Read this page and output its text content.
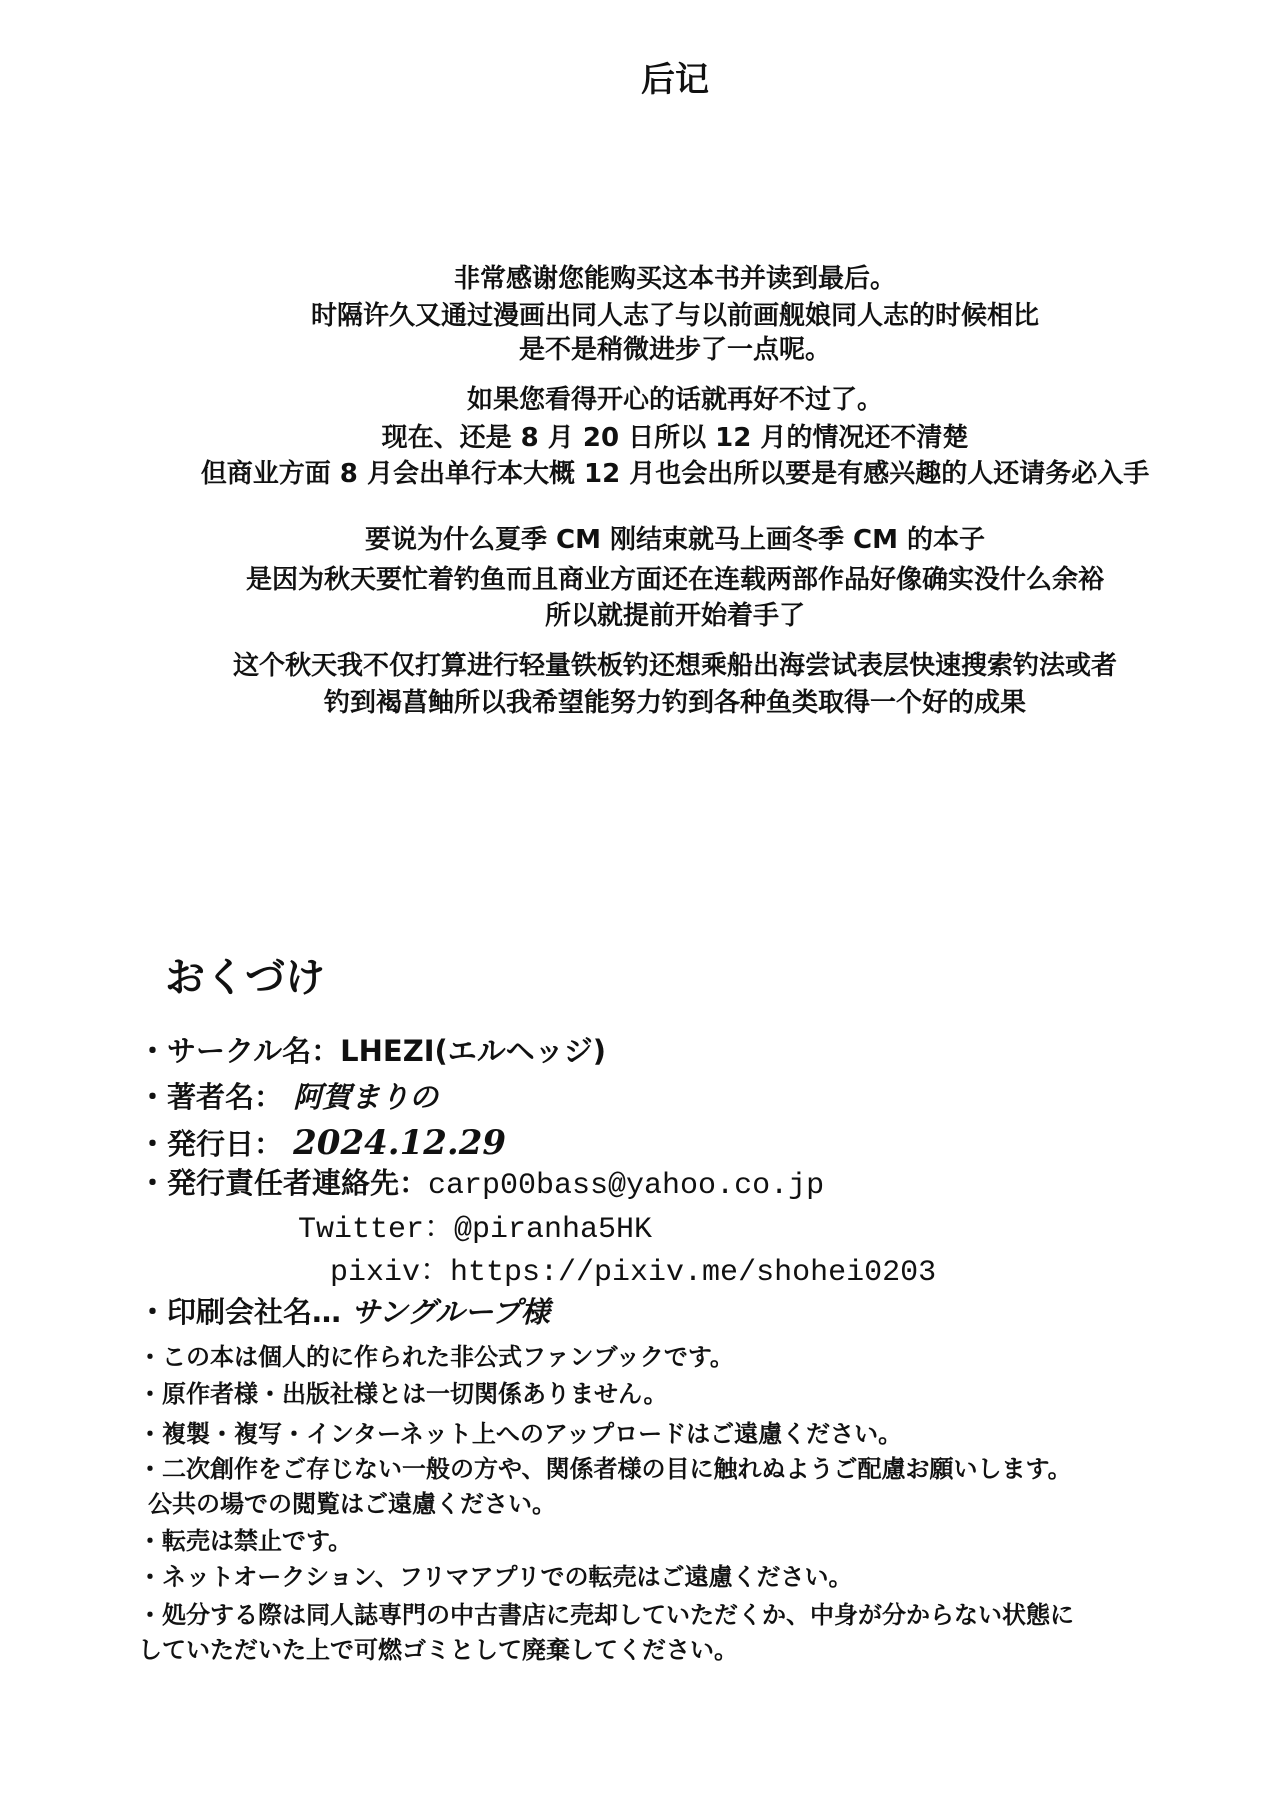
后记
非常感谢您能购买这本书并读到最后。
时隔许久又通过漫画出同人志了与以前画舰娘同人志的时候相比
是不是稍微进步了一点呢。
如果您看得开心的话就再好不过了。
现在、还是 8 月 20 日所以 12 月的情况还不清楚
但商业方面 8 月会出单行本大概 12 月也会出所以要是有感兴趣的人还请务必入手
要说为什么夏季 CM 刚结束就马上画冬季 CM 的本子
是因为秋天要忙着钓鱼而且商业方面还在连载两部作品好像确实没什么余裕
所以就提前开始着手了
这个秋天我不仅打算进行轻量铁板钓还想乘船出海尝试表层快速搜索钓法或者
钓到褐菖鲉所以我希望能努力钓到各种鱼类取得一个好的成果
おくづけ
・サークル名：LHEZI(エルヘッジ)
・著者名： 阿賀まりの
・発行日： 2024.12.29
・発行責任者連絡先：carp00bass@yahoo.co.jp
Twitter：@piranha5HK
pixiv：https://pixiv.me/shohei0203
・印刷会社名… サングループ様
・この本は個人的に作られた非公式ファンブックです。
・原作者様・出版社様とは一切関係ありません。
・複製・複写・インターネット上へのアップロードはご遠慮ください。
・二次創作をご存じない一般の方や、関係者様の目に触れぬようご配慮お願いします。
公共の場での閲覧はご遠慮ください。
・転売は禁止です。
・ネットオークション、フリマアプリでの転売はご遠慮ください。
・処分する際は同人誌専門の中古書店に売却していただくか、中身が分からない状態に
していただいた上で可燃ゴミとして廃棄してください。
